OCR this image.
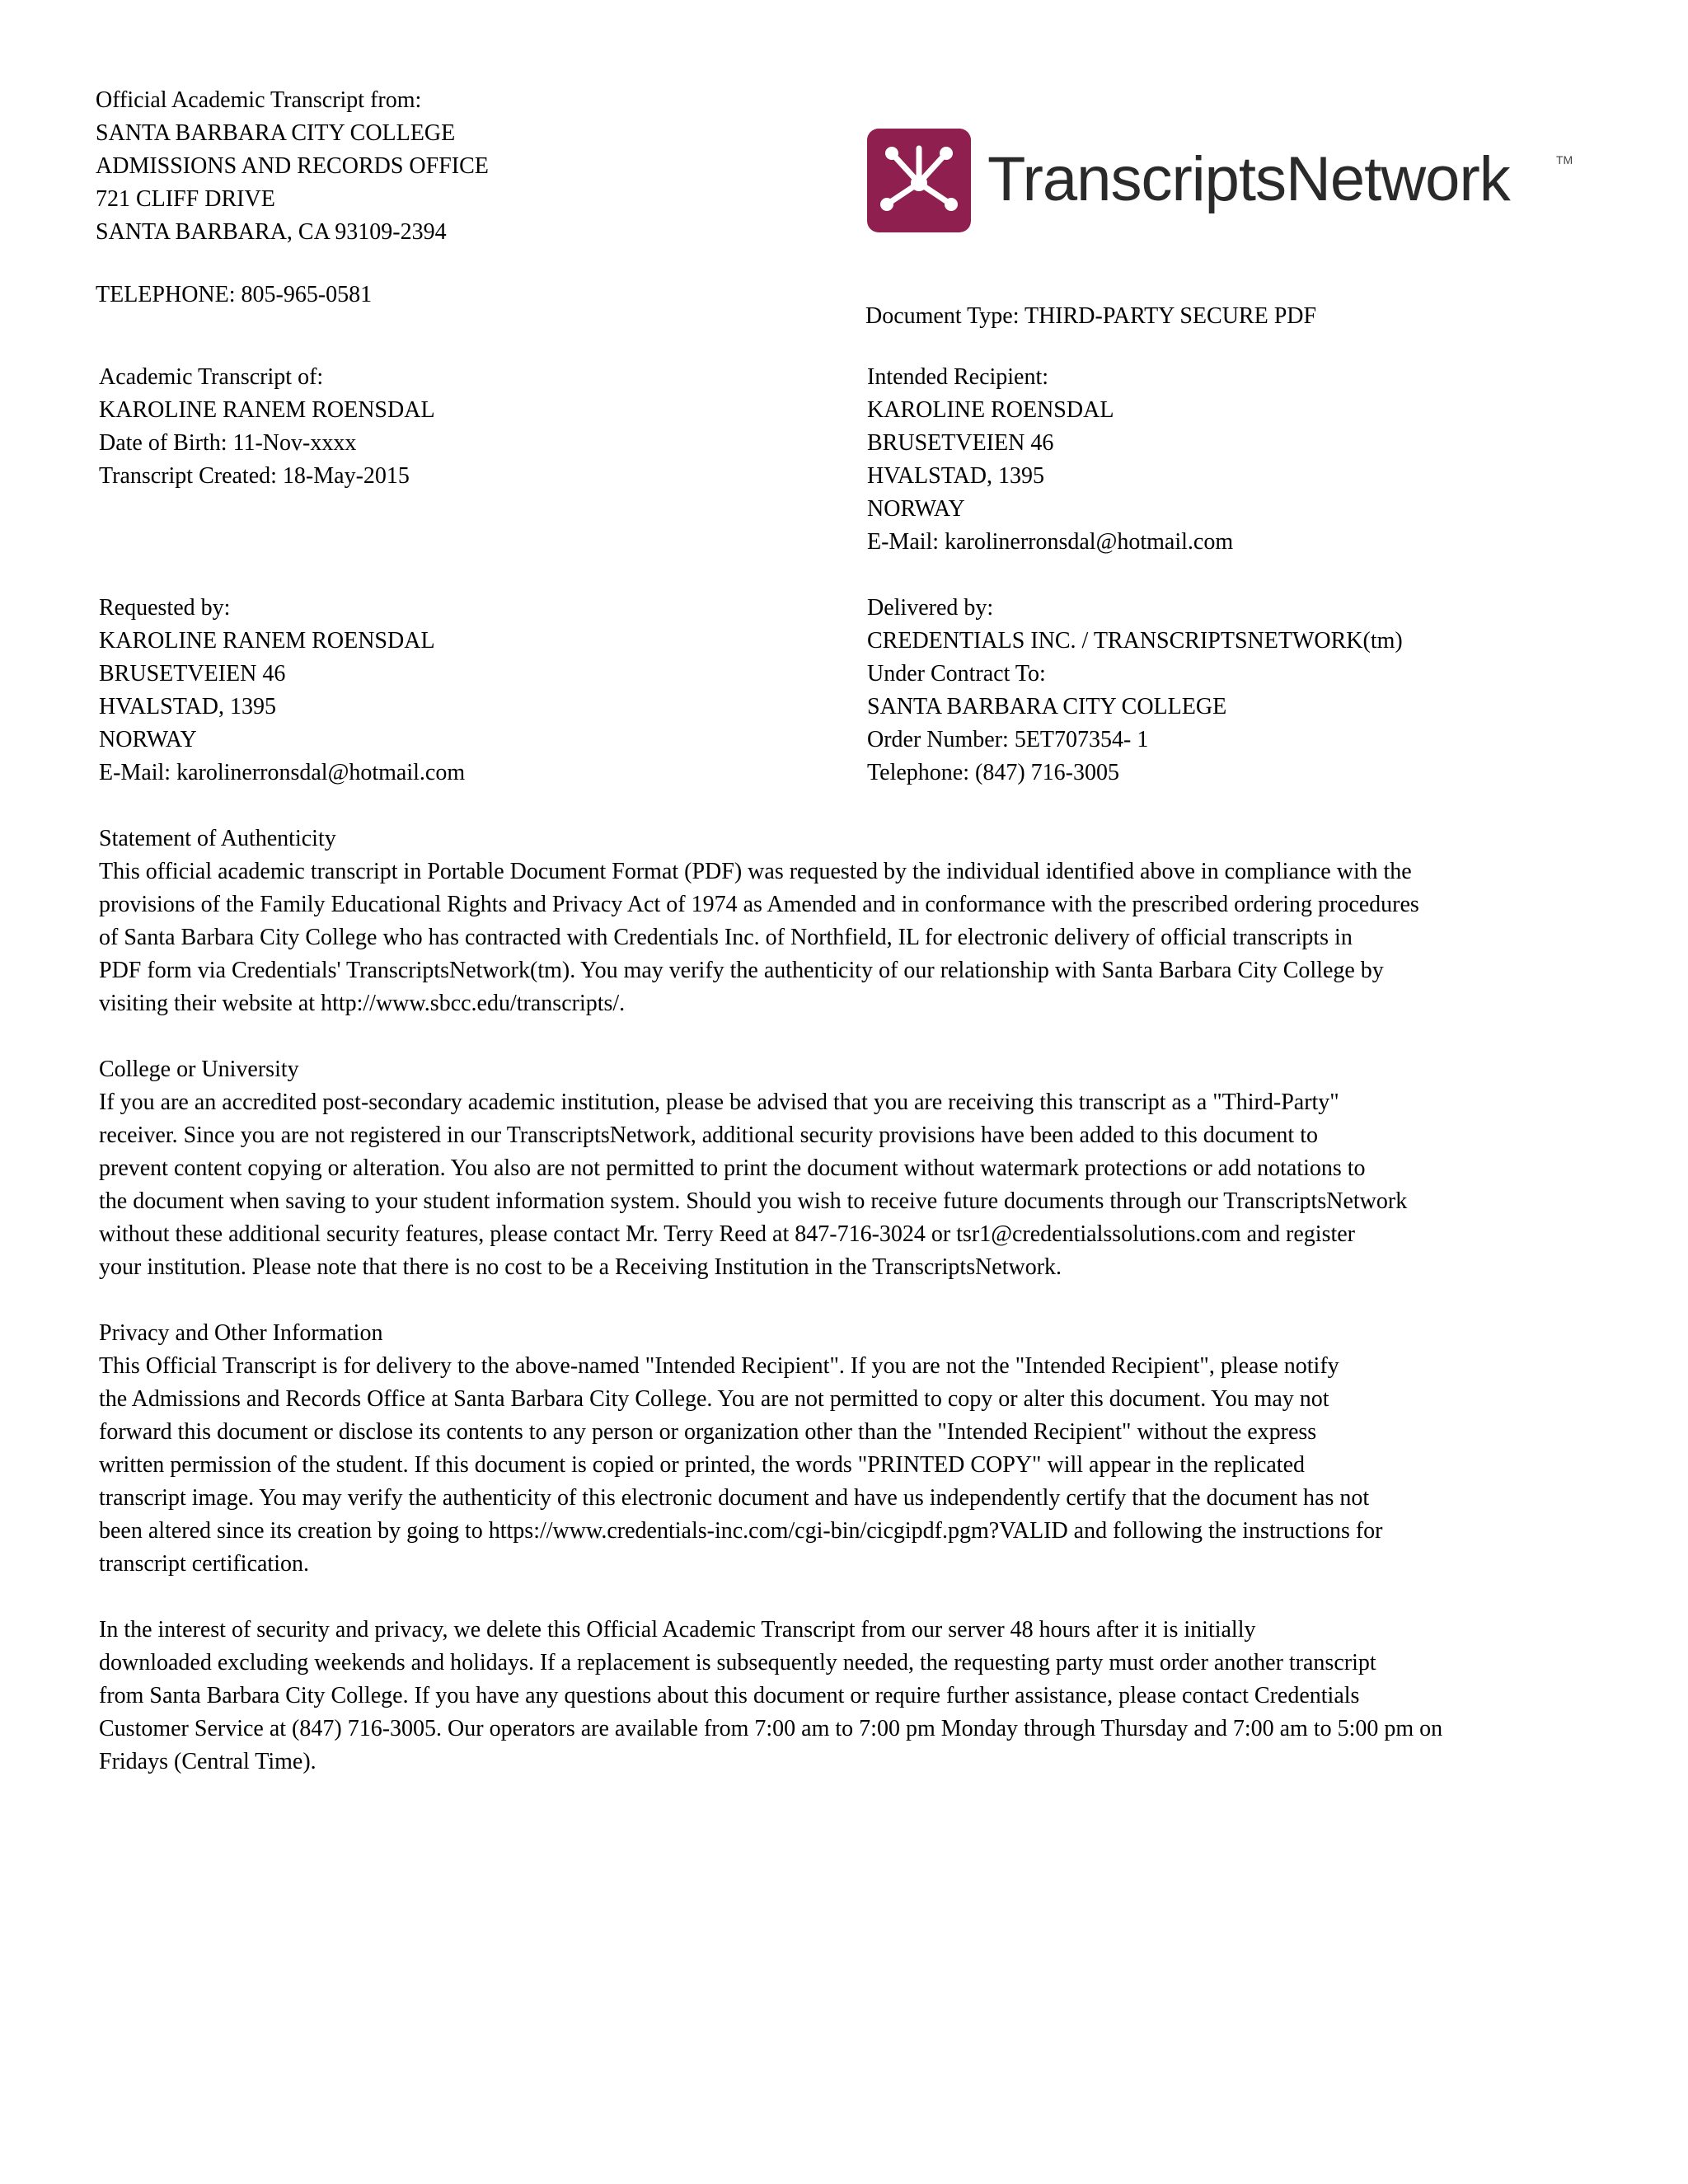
Official Academic Transcript from:
SANTA BARBARA CITY COLLEGE
ADMISSIONS AND RECORDS OFFICE
721 CLIFF DRIVE
SANTA BARBARA, CA 93109-2394
TELEPHONE: 805-965-0581
TranscriptsNetwork	TM
Document Type: THIRD-PARTY SECURE PDF
Academic Transcript of:
KAROLINE RANEM ROENSDAL
Date of Birth: 11-Nov-xxxx
Transcript Created: 18-May-2015
Intended Recipient:
KAROLINE ROENSDAL
BRUSETVEIEN 46
HVALSTAD, 1395
NORWAY
E-Mail: karolinerronsdal@hotmail.com
Requested by:
KAROLINE RANEM ROENSDAL
BRUSETVEIEN 46
HVALSTAD, 1395
NORWAY
E-Mail: karolinerronsdal@hotmail.com
Delivered by:
CREDENTIALS INC. / TRANSCRIPTSNETWORK(tm)
Under Contract To:
SANTA BARBARA CITY COLLEGE
Order Number: 5ET707354- 1
Telephone: (847) 716-3005
Statement of Authenticity
This official academic transcript in Portable Document Format (PDF) was requested by the individual identified above in compliance with the
provisions of the Family Educational Rights and Privacy Act of 1974 as Amended and in conformance with the prescribed ordering procedures
of Santa Barbara City College who has contracted with Credentials Inc. of Northfield, IL for electronic delivery of official transcripts in
PDF form via Credentials' TranscriptsNetwork(tm). You may verify the authenticity of our relationship with Santa Barbara City College by
visiting their website at http://www.sbcc.edu/transcripts/.
College or University
If you are an accredited post-secondary academic institution, please be advised that you are receiving this transcript as a "Third-Party"
receiver. Since you are not registered in our TranscriptsNetwork, additional security provisions have been added to this document to
prevent content copying or alteration. You also are not permitted to print the document without watermark protections or add notations to
the document when saving to your student information system. Should you wish to receive future documents through our TranscriptsNetwork
without these additional security features, please contact Mr. Terry Reed at 847-716-3024 or tsr1@credentialssolutions.com and register
your institution. Please note that there is no cost to be a Receiving Institution in the TranscriptsNetwork.
Privacy and Other Information
This Official Transcript is for delivery to the above-named "Intended Recipient". If you are not the "Intended Recipient", please notify
the Admissions and Records Office at Santa Barbara City College. You are not permitted to copy or alter this document. You may not
forward this document or disclose its contents to any person or organization other than the "Intended Recipient" without the express
written permission of the student. If this document is copied or printed, the words "PRINTED COPY" will appear in the replicated
transcript image. You may verify the authenticity of this electronic document and have us independently certify that the document has not
been altered since its creation by going to https://www.credentials-inc.com/cgi-bin/cicgipdf.pgm?VALID and following the instructions for
transcript certification.
In the interest of security and privacy, we delete this Official Academic Transcript from our server 48 hours after it is initially
downloaded excluding weekends and holidays. If a replacement is subsequently needed, the requesting party must order another transcript
from Santa Barbara City College. If you have any questions about this document or require further assistance, please contact Credentials
Customer Service at (847) 716-3005. Our operators are available from 7:00 am to 7:00 pm Monday through Thursday and 7:00 am to 5:00 pm on
Fridays (Central Time).
